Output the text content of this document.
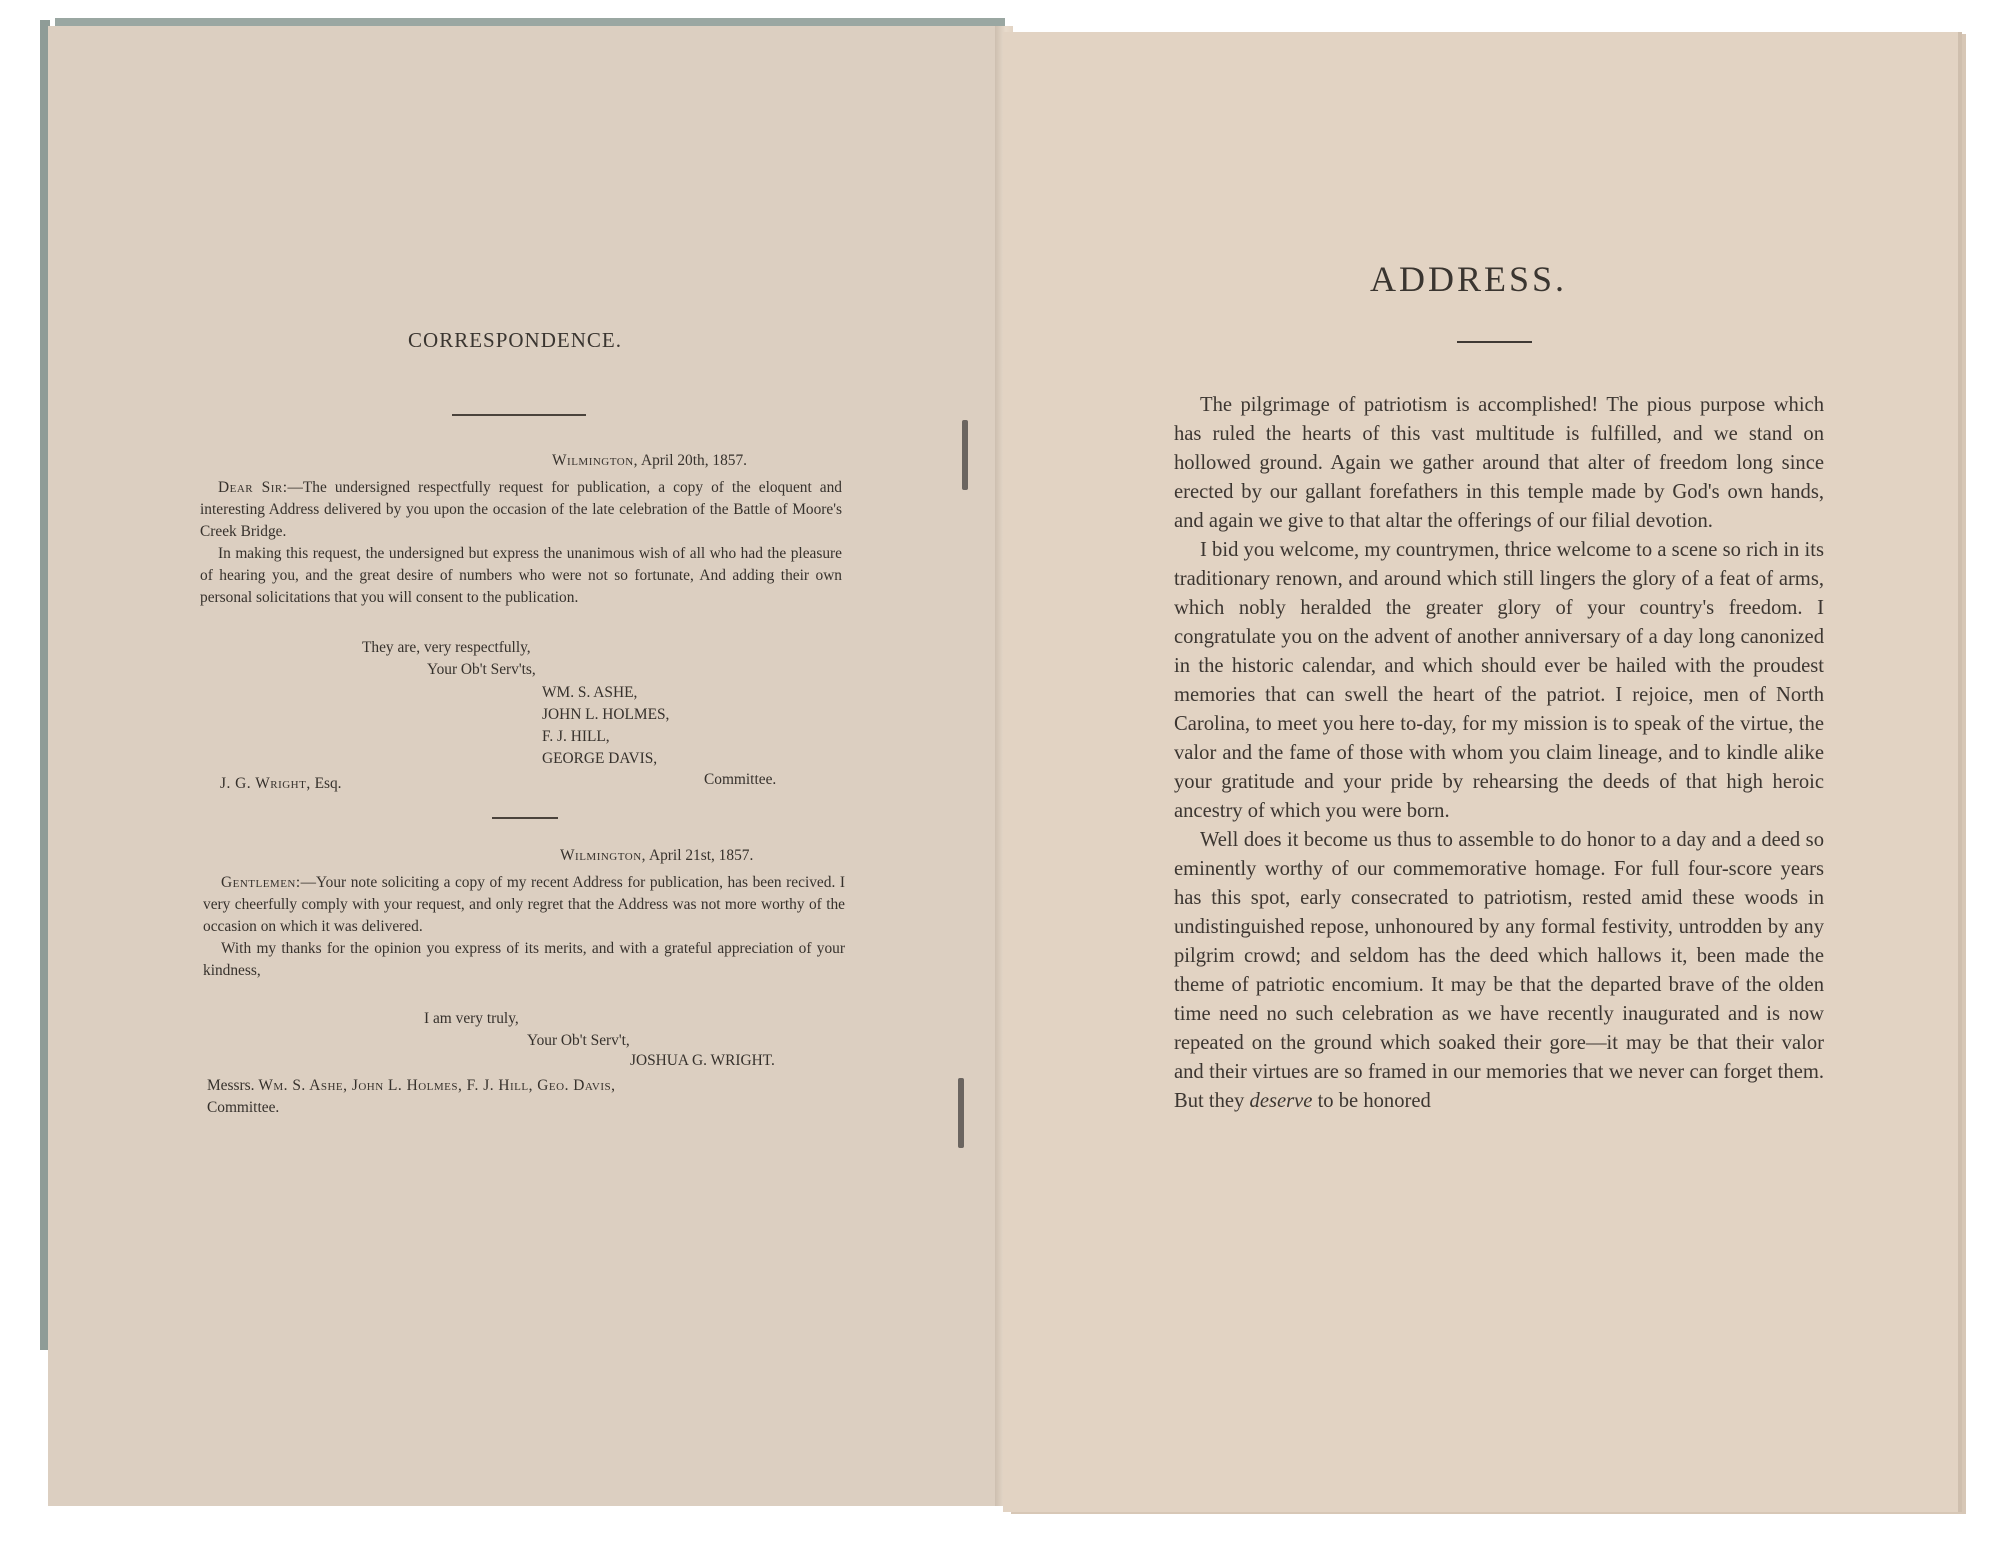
CORRESPONDENCE.
Wilmington, April 20th, 1857.
Dear Sir:—The undersigned respectfully request for publication, a copy of the eloquent and interesting Address delivered by you upon the occasion of the late celebration of the Battle of Moore's Creek Bridge.
In making this request, the undersigned but express the unanimous wish of all who had the pleasure of hearing you, and the great desire of numbers who were not so fortunate, And adding their own personal solicitations that you will consent to the publication.
They are, very respectfully,
Your Ob't Serv'ts,
WM. S. ASHE,
JOHN L. HOLMES,
F. J. HILL,
GEORGE DAVIS,
J. G. Wright, Esq.	Committee.
Wilmington, April 21st, 1857.
Gentlemen:—Your note soliciting a copy of my recent Address for publication, has been recived. I very cheerfully comply with your request, and only regret that the Address was not more worthy of the occasion on which it was delivered.
With my thanks for the opinion you express of its merits, and with a grateful appreciation of your kindness,
I am very truly,
Your Ob't Serv't,
JOSHUA G. WRIGHT.
Messrs. Wm. S. Ashe, John L. Holmes, F. J. Hill, Geo. Davis,
Committee.
ADDRESS.

The pilgrimage of patriotism is accomplished! The pious purpose which has ruled the hearts of this vast multitude is fulfilled, and we stand on hollowed ground. Again we gather around that alter of freedom long since erected by our gallant forefathers in this temple made by God's own hands, and again we give to that altar the offerings of our filial devotion.

I bid you welcome, my countrymen, thrice welcome to a scene so rich in its traditionary renown, and around which still lingers the glory of a feat of arms, which nobly heralded the greater glory of your country's freedom. I congratulate you on the advent of another anniversary of a day long canonized in the historic calendar, and which should ever be hailed with the proudest memories that can swell the heart of the patriot. I rejoice, men of North Carolina, to meet you here to-day, for my mission is to speak of the virtue, the valor and the fame of those with whom you claim lineage, and to kindle alike your gratitude and your pride by rehearsing the deeds of that high heroic ancestry of which you were born.

Well does it become us thus to assemble to do honor to a day and a deed so eminently worthy of our commemorative homage. For full four-score years has this spot, early consecrated to patriotism, rested amid these woods in undistinguished repose, unhonoured by any formal festivity, untrodden by any pilgrim crowd; and seldom has the deed which hallows it, been made the theme of patriotic encomium. It may be that the departed brave of the olden time need no such celebration as we have recently inaugurated and is now repeated on the ground which soaked their gore—it may be that their valor and their virtues are so framed in our memories that we never can forget them. But they deserve to be honored
